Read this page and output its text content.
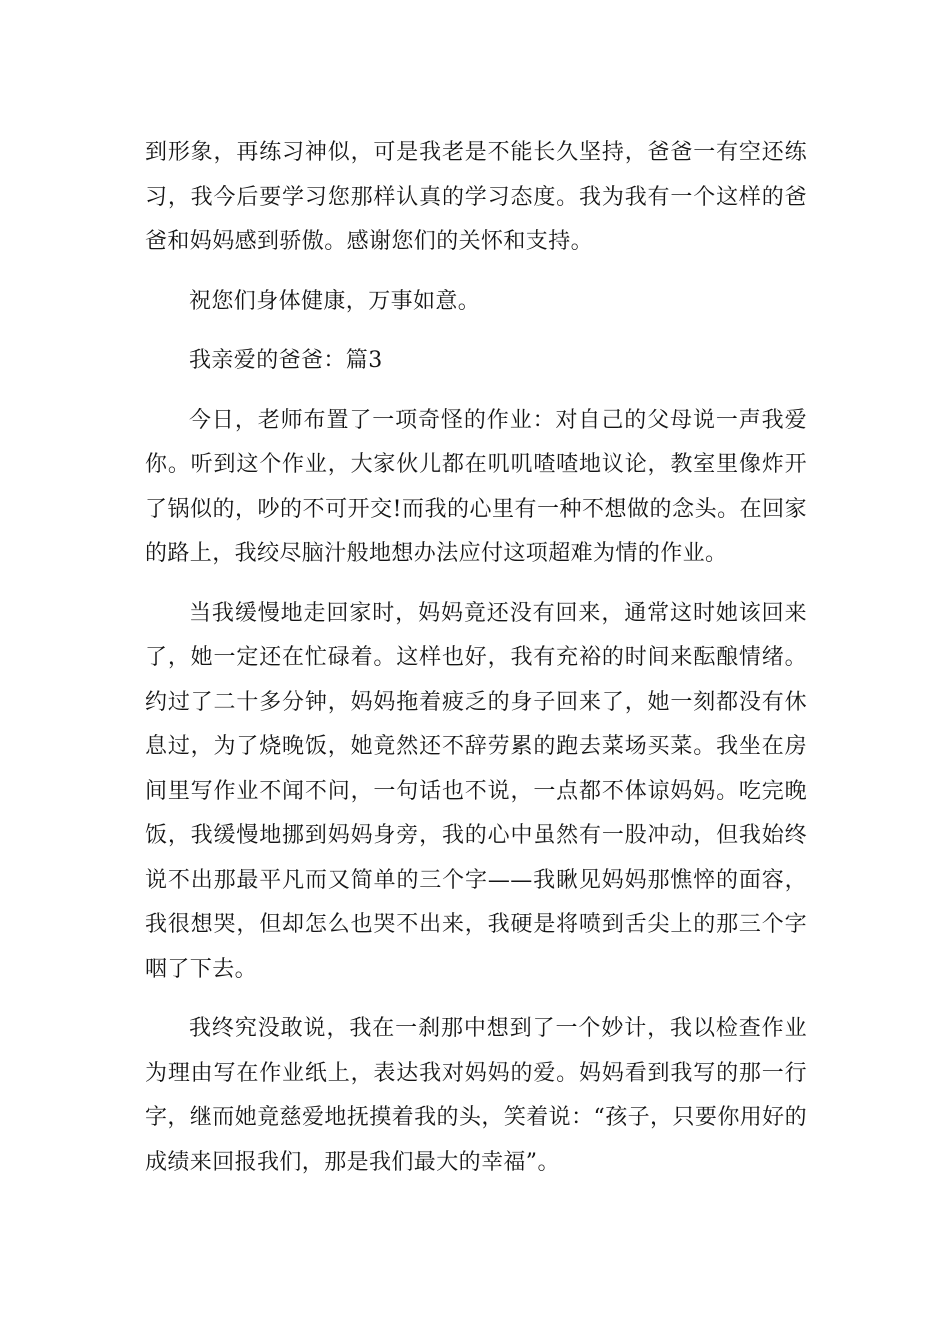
到形象，再练习神似，可是我老是不能长久坚持，爸爸一有空还练习，我今后要学习您那样认真的学习态度。我为我有一个这样的爸爸和妈妈感到骄傲。感谢您们的关怀和支持。

祝您们身体健康，万事如意。

我亲爱的爸爸：篇3

今日，老师布置了一项奇怪的作业：对自己的父母说一声我爱你。听到这个作业，大家伙儿都在叽叽喳喳地议论，教室里像炸开了锅似的，吵的不可开交!而我的心里有一种不想做的念头。在回家的路上，我绞尽脑汁般地想办法应付这项超难为情的作业。

当我缓慢地走回家时，妈妈竟还没有回来，通常这时她该回来了，她一定还在忙碌着。这样也好，我有充裕的时间来酝酿情绪。约过了二十多分钟，妈妈拖着疲乏的身子回来了，她一刻都没有休息过，为了烧晚饭，她竟然还不辞劳累的跑去菜场买菜。我坐在房间里写作业不闻不问，一句话也不说，一点都不体谅妈妈。吃完晚饭，我缓慢地挪到妈妈身旁，我的心中虽然有一股冲动，但我始终说不出那最平凡而又简单的三个字——我瞅见妈妈那憔悴的面容，我很想哭，但却怎么也哭不出来，我硬是将喷到舌尖上的那三个字咽了下去。

我终究没敢说，我在一刹那中想到了一个妙计，我以检查作业为理由写在作业纸上，表达我对妈妈的爱。妈妈看到我写的那一行字，继而她竟慈爱地抚摸着我的头，笑着说：“孩子，只要你用好的成绩来回报我们，那是我们最大的幸福”。
